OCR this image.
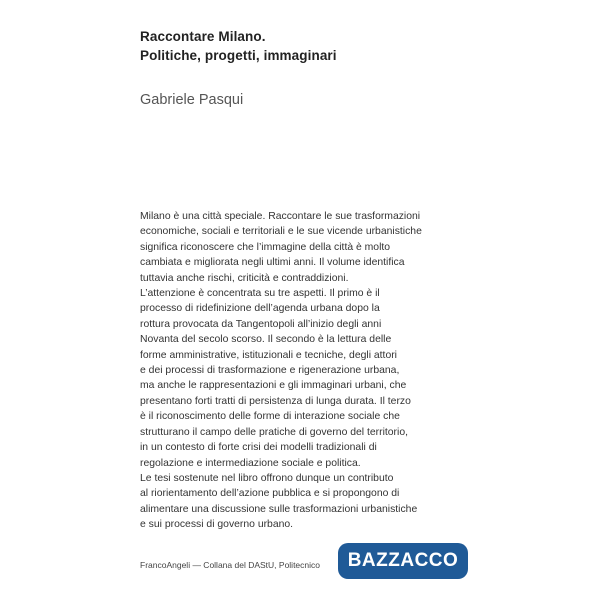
Raccontare Milano.
Politiche, progetti, immaginari
Gabriele Pasqui
Milano è una città speciale. Raccontare le sue trasformazioni
economiche, sociali e territoriali e le sue vicende urbanistiche
significa riconoscere che l’immagine della città è molto
cambiata e migliorata negli ultimi anni. Il volume identifica
tuttavia anche rischi, criticità e contraddizioni.
L’attenzione è concentrata su tre aspetti. Il primo è il
processo di ridefinizione dell’agenda urbana dopo la
rottura provocata da Tangentopoli all’inizio degli anni
Novanta del secolo scorso. Il secondo è la lettura delle
forme amministrative, istituzionali e tecniche, degli attori
e dei processi di trasformazione e rigenerazione urbana,
ma anche le rappresentazioni e gli immaginari urbani, che
presentano forti tratti di persistenza di lunga durata. Il terzo
è il riconoscimento delle forme di interazione sociale che
strutturano il campo delle pratiche di governo del territorio,
in un contesto di forte crisi dei modelli tradizionali di
regolazione e intermediazione sociale e politica.
Le tesi sostenute nel libro offrono dunque un contributo
al riorientamento dell’azione pubblica e si propongono di
alimentare una discussione sulle trasformazioni urbanistiche
e sui processi di governo urbano.
FrancoAngeli — Collana del DAStU, Politecnico	BAZZACCO
